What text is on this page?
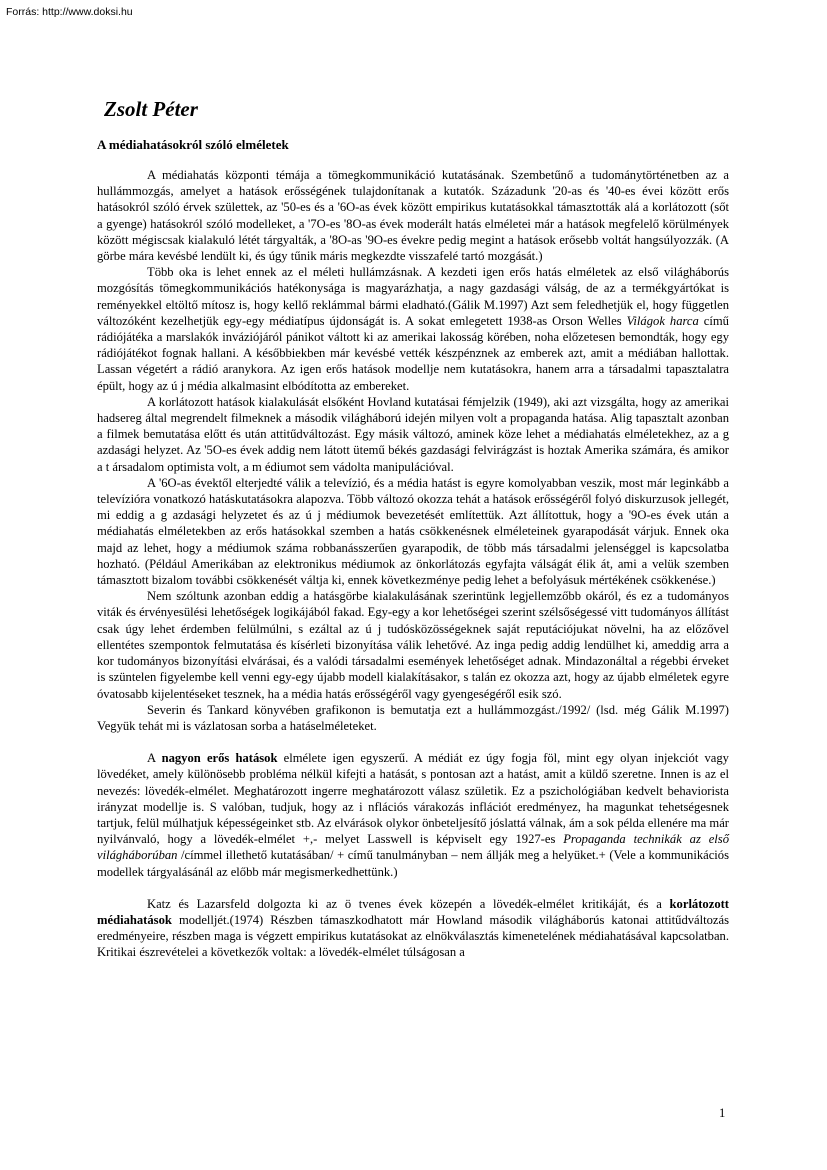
Forrás: http://www.doksi.hu
Zsolt Péter
A médiahatásokról szóló elméletek

A médiahatás központi témája a tömegkommunikáció kutatásának. Szembetűnő a tudománytörténetben az a hullámmozgás, amelyet a hatások erősségének tulajdonítanak a kutatók. Századunk '20-as és '40-es évei között erős hatásokról szóló érvek születtek, az '50-es és a '6O-as évek között empirikus kutatásokkal támasztották alá a korlátozott (sőt a gyenge) hatásokról szóló modelleket, a '7O-es '8O-as évek moderált hatás elméletei már a hatások megfelelő körülmények között mégiscsak kialakuló létét tárgyalták, a '8O-as '9O-es évekre pedig megint a hatások erősebb voltát hangsúlyozzák. (A görbe mára kevésbé lendült ki, és úgy tűnik máris megkezdte visszafelé tartó mozgását.)

Több oka is lehet ennek az el méleti hullámzásnak. A kezdeti igen erős hatás elméletek az első világháborús mozgósítás tömegkommunikációs hatékonysága is magyarázhatja, a nagy gazdasági válság, de az a termékgyártókat is reményekkel eltöltő mítosz is, hogy kellő reklámmal bármi eladható.(Gálik M.1997) Azt sem feledhetjük el, hogy független változóként kezelhetjük egy-egy médiatípus újdonságát is. A sokat emlegetett 1938-as Orson Welles Világok harca című rádiójátéka a marslakók inváziójáról pánikot váltott ki az amerikai lakosság körében, noha előzetesen bemondták, hogy egy rádiójátékot fognak hallani. A későbbiekben már kevésbé vették készpénznek az emberek azt, amit a médiában hallottak. Lassan végetért a rádió aranykora. Az igen erős hatások modellje nem kutatásokra, hanem arra a társadalmi tapasztalatra épült, hogy az ú j média alkalmasint elbódította az embereket.

A korlátozott hatások kialakulását elsőként Hovland kutatásai fémjelzik (1949), aki azt vizsgálta, hogy az amerikai hadsereg által megrendelt filmeknek a második világháború idején milyen volt a propaganda hatása. Alig tapasztalt azonban a filmek bemutatása előtt és után attitűdváltozást. Egy másik változó, aminek köze lehet a médiahatás elméletekhez, az a g azdasági helyzet. Az '5O-es évek addig nem látott ütemű békés gazdasági felvirágzást is hoztak Amerika számára, és amikor a t ársadalom optimista volt, a m édiumot sem vádolta manipulációval.

A '6O-as évektől elterjedté válik a televízió, és a média hatást is egyre komolyabban veszik, most már leginkább a televízióra vonatkozó hatáskutatásokra alapozva. Több változó okozza tehát a hatások erősségéről folyó diskurzusok jellegét, mi eddig a g azdasági helyzetet és az ú j médiumok bevezetését említettük. Azt állítottuk, hogy a '9O-es évek után a médiahatás elméletekben az erős hatásokkal szemben a hatás csökkenésnek elméleteinek gyarapodását várjuk. Ennek oka majd az lehet, hogy a médiumok száma robbanásszerűen gyarapodik, de több más társadalmi jelenséggel is kapcsolatba hozható. (Például Amerikában az elektronikus médiumok az önkorlátozás egyfajta válságát élik át, ami a velük szemben támasztott bizalom további csökkenését váltja ki, ennek következménye pedig lehet a befolyásuk mértékének csökkenése.)

Nem szóltunk azonban eddig a hatásgörbe kialakulásának szerintünk legjellemzőbb okáról, és ez a tudományos viták és érvényesülési lehetőségek logikájából fakad. Egy-egy a kor lehetőségei szerint szélsőségessé vitt tudományos állítást csak úgy lehet érdemben felülmúlni, s ezáltal az ú j tudósközösségeknek saját reputációjukat növelni, ha az előzővel ellentétes szempontok felmutatása és kísérleti bizonyítása válik lehetővé. Az inga pedig addig lendülhet ki, ameddig arra a kor tudományos bizonyítási elvárásai, és a valódi társadalmi események lehetőséget adnak. Mindazonáltal a régebbi érveket is szüntelen figyelembe kell venni egy-egy újabb modell kialakításakor, s talán ez okozza azt, hogy az újabb elméletek egyre óvatosabb kijelentéseket tesznek, ha a média hatás erősségéről vagy gyengeségéről esik szó.

Severin és Tankard könyvében grafikonon is bemutatja ezt a hullámmozgást./1992/ (lsd. még Gálik M.1997) Vegyük tehát mi is vázlatosan sorba a hatáselméleteket.

A nagyon erős hatások elmélete igen egyszerű. A médiát ez úgy fogja föl, mint egy olyan injekciót vagy lövedéket, amely különösebb probléma nélkül kifejti a hatását, s pontosan azt a hatást, amit a küldő szeretne. Innen is az el nevezés: lövedék-elmélet. Meghatározott ingerre meghatározott válasz születik. Ez a pszichológiában kedvelt behaviorista irányzat modellje is. S valóban, tudjuk, hogy az i nflációs várakozás inflációt eredményez, ha magunkat tehetségesnek tartjuk, felül múlhatjuk képességeinket stb. Az elvárások olykor önbeteljesítő jóslattá válnak, ám a sok példa ellenére ma már nyilvánvaló, hogy a lövedék-elmélet +,- melyet Lasswell is képviselt egy 1927-es Propaganda technikák az első világháborúban /címmel illethető kutatásában/ + című tanulmányban – nem állják meg a helyüket.+ (Vele a kommunikációs modellek tárgyalásánál az előbb már megismerkedhettünk.)

Katz és Lazarsfeld dolgozta ki az ö tvenes évek közepén a lövedék-elmélet kritikáját, és a korlátozott médiahatások modelljét.(1974) Részben támaszkodhatott már Howland második világháborús katonai attitűdváltozás eredményeire, részben maga is végzett empirikus kutatásokat az elnökválasztás kimenetelének médiahatásával kapcsolatban. Kritikai észrevételei a következők voltak: a lövedék-elmélet túlságosan a

1
